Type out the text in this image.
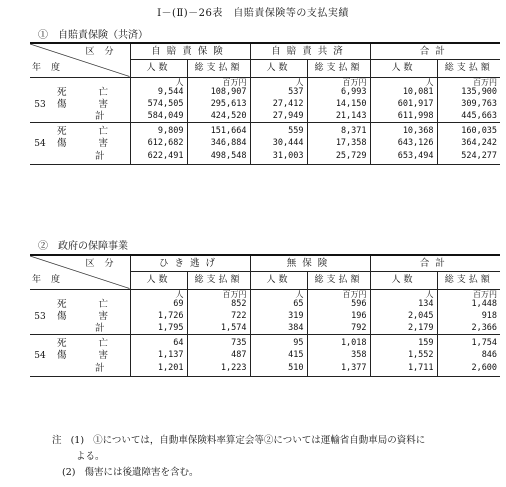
Ⅰ－(Ⅱ)－26表　自賠責保険等の支払実績
①　自賠責保険（共済）
区分
年度	自賠責保険		自賠責共済		合計	
	人数	総支払額	人数	総支払額	人数	総支払額
	人	百万円	人	百万円	人	百万円
死亡	9,544	108,907	537	6,993	10,081	135,900
53 傷害	574,505	295,613	27,412	14,150	601,917	309,763
計	584,049	424,520	27,949	21,143	611,998	445,663
死亡	9,809	151,664	559	8,371	10,368	160,035
54 傷害	612,682	346,884	30,444	17,358	643,126	364,242
計	622,491	498,548	31,003	25,729	653,494	524,277
②　政府の保障事業
区分
年度	ひき逃げ		無保険		合計	
	人数	総支払額	人数	総支払額	人数	総支払額
	人	百万円	人	百万円	人	百万円
死亡	69	852	65	596	134	1,448
53 傷害	1,726	722	319	196	2,045	918
計	1,795	1,574	384	792	2,179	2,366
死亡	64	735	95	1,018	159	1,754
54 傷害	1,137	487	415	358	1,552	846
計	1,201	1,223	510	1,377	1,711	2,600
注 (1) ①については，自動車保険料率算定会等②については運輸省自動車局の資料に
よる。
(2) 傷害には後遺障害を含む。
